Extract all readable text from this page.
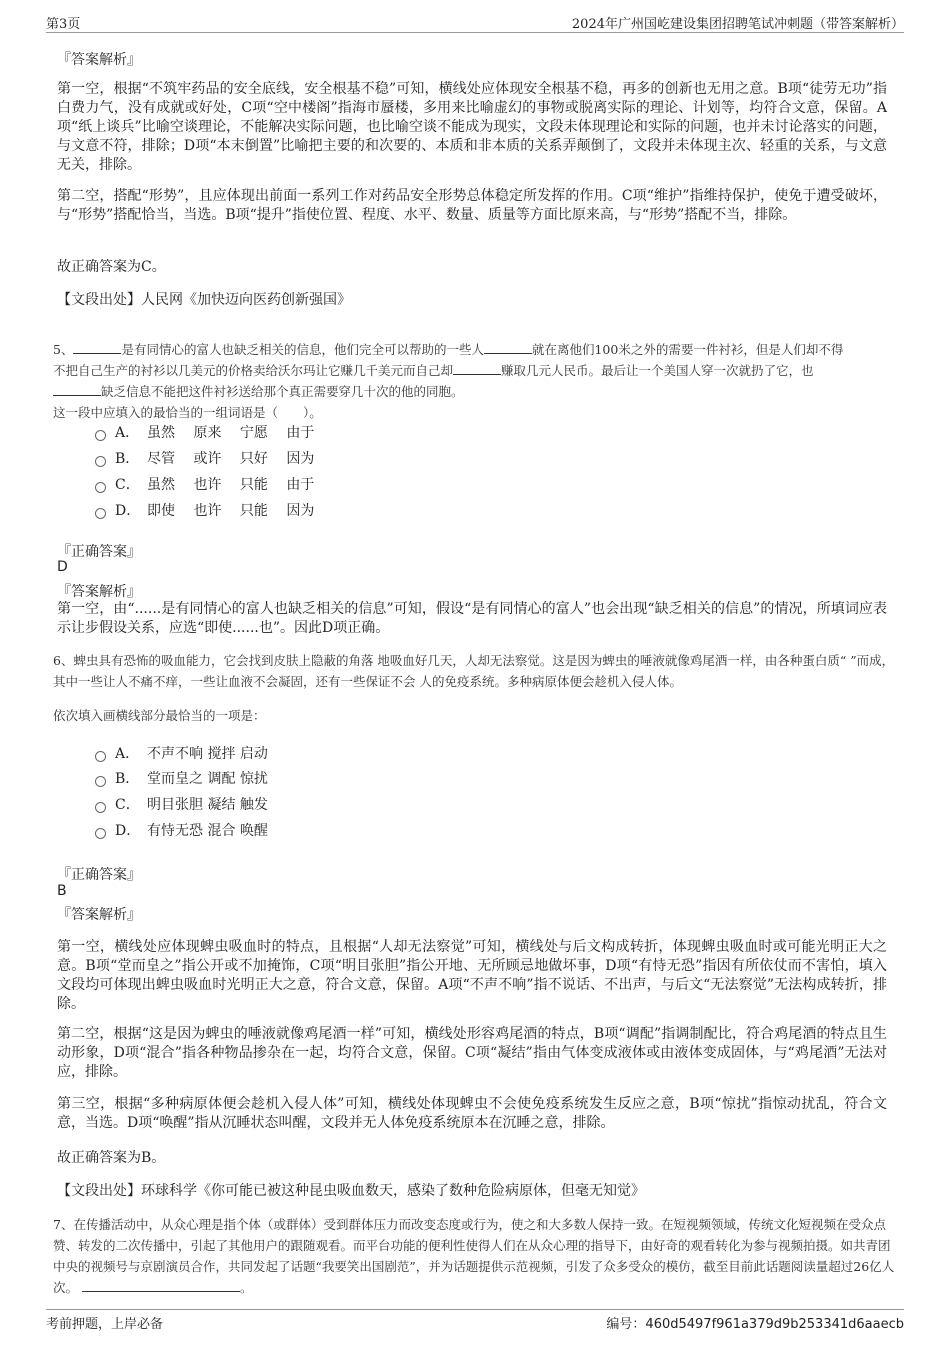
第3页	2024年广州国屹建设集团招聘笔试冲刺题（带答案解析）
『答案解析』
第一空，根据“不筑牢药品的安全底线，安全根基不稳”可知，横线处应体现安全根基不稳，再多的创新也无用之意。B项“徒劳无功”指白费力气，没有成就或好处，C项“空中楼阁”指海市蜃楼，多用来比喻虚幻的事物或脱离实际的理论、计划等，均符合文意，保留。A项“纸上谈兵”比喻空谈理论，不能解决实际问题，也比喻空谈不能成为现实，文段未体现理论和实际的问题，也并未讨论落实的问题，与文意不符，排除；D项“本末倒置”比喻把主要的和次要的、本质和非本质的关系弄颠倒了，文段并未体现主次、轻重的关系，与文意无关，排除。
第二空，搭配“形势”，且应体现出前面一系列工作对药品安全形势总体稳定所发挥的作用。C项“维护”指维持保护，使免于遭受破坏，与“形势”搭配恰当，当选。B项“提升”指使位置、程度、水平、数量、质量等方面比原来高，与“形势”搭配不当，排除。
故正确答案为C。
【文段出处】人民网《加快迈向医药创新强国》
5、	是有同情心的富人也缺乏相关的信息，他们完全可以帮助的一些人	就在离他们100米之外的需要一件衬衫，但是人们却不得
不把自己生产的衬衫以几美元的价格卖给沃尔玛让它赚几千美元而自己却	赚取几元人民币。最后让一个美国人穿一次就扔了它，也
缺乏信息不能把这件衬衫送给那个真正需要穿几十次的他的同胞。
这一段中应填入的最恰当的一组词语是（　　）。
A． 虽然　 原来　 宁愿　 由于
B． 尽管　 或许　 只好　 因为
C． 虽然　 也许　 只能　 由于
D． 即使　 也许　 只能　 因为
『正确答案』
D
『答案解析』
第一空，由“......是有同情心的富人也缺乏相关的信息”可知，假设“是有同情心的富人”也会出现“缺乏相关的信息”的情况，所填词应表示让步假设关系，应选“即使......也”。因此D项正确。
6、蜱虫具有恐怖的吸血能力，它会找到皮肤上隐蔽的角落 地吸血好几天，人却无法察觉。这是因为蜱虫的唾液就像鸡尾酒一样，由各种蛋白质“ ”而成，其中一些让人不痛不痒，一些让血液不会凝固，还有一些保证不会 人的免疫系统。多种病原体便会趁机入侵人体。
依次填入画横线部分最恰当的一项是：
A． 不声不响 搅拌 启动
B． 堂而皇之 调配 惊扰
C． 明目张胆 凝结 触发
D． 有恃无恐 混合 唤醒
『正确答案』
B
『答案解析』
第一空，横线处应体现蜱虫吸血时的特点，且根据“人却无法察觉”可知，横线处与后文构成转折，体现蜱虫吸血时或可能光明正大之意。B项“堂而皇之”指公开或不加掩饰，C项“明目张胆”指公开地、无所顾忌地做坏事，D项“有恃无恐”指因有所依仗而不害怕，填入文段均可体现出蜱虫吸血时光明正大之意，符合文意，保留。A项“不声不响”指不说话、不出声，与后文“无法察觉”无法构成转折，排除。
第二空，根据“这是因为蜱虫的唾液就像鸡尾酒一样”可知，横线处形容鸡尾酒的特点，B项“调配”指调制配比，符合鸡尾酒的特点且生动形象，D项“混合”指各种物品掺杂在一起，均符合文意，保留。C项“凝结”指由气体变成液体或由液体变成固体，与“鸡尾酒”无法对应，排除。
第三空，根据“多种病原体便会趁机入侵人体”可知，横线处体现蜱虫不会使免疫系统发生反应之意，B项“惊扰”指惊动扰乱，符合文意，当选。D项“唤醒”指从沉睡状态叫醒，文段并无人体免疫系统原本在沉睡之意，排除。
故正确答案为B。
【文段出处】环球科学《你可能已被这种昆虫吸血数天，感染了数种危险病原体，但毫无知觉》
7、在传播活动中，从众心理是指个体（或群体）受到群体压力而改变态度或行为，使之和大多数人保持一致。在短视频领域，传统文化短视频在受众点赞、转发的二次传播中，引起了其他用户的跟随观看。而平台功能的便利性使得人们在从众心理的指导下，由好奇的观看转化为参与视频拍摄。如共青团中央的视频号与京剧演员合作，共同发起了话题“我要笑出国剧范”，并为话题提供示范视频，引发了众多受众的模仿，截至目前此话题阅读量超过26亿人次。	。
考前押题，上岸必备	编号：460d5497f961a379d9b253341d6aaecb
